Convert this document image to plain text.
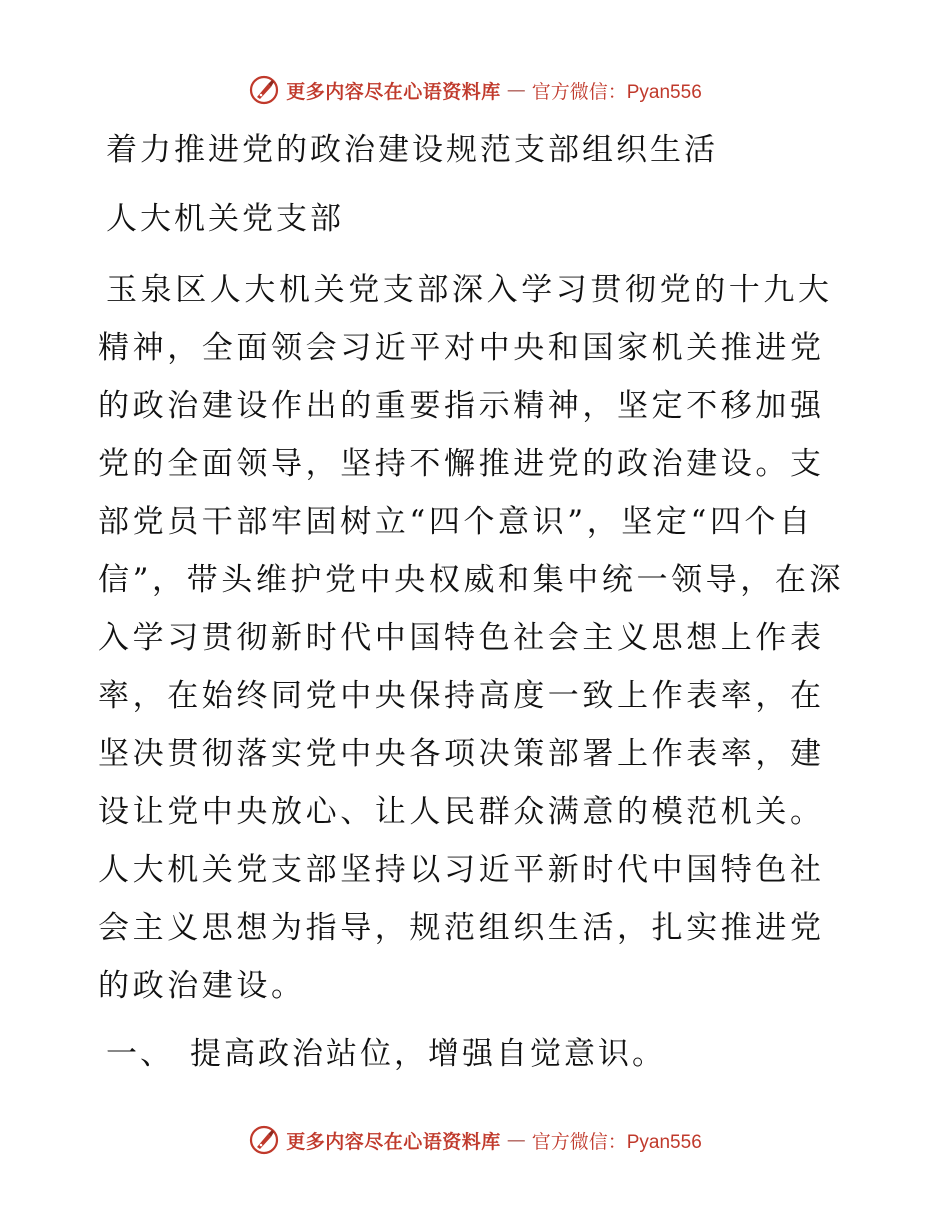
更多内容尽在心语资料库 — 官方微信：Pyan556
着力推进党的政治建设规范支部组织生活

人大机关党支部

玉泉区人大机关党支部深入学习贯彻党的十九大精神，全面领会习近平对中央和国家机关推进党的政治建设作出的重要指示精神，坚定不移加强党的全面领导，坚持不懈推进党的政治建设。支部党员干部牢固树立“四个意识”，坚定“四个自信”，带头维护党中央权威和集中统一领导，在深入学习贯彻新时代中国特色社会主义思想上作表率，在始终同党中央保持高度一致上作表率，在坚决贯彻落实党中央各项决策部署上作表率，建设让党中央放心、让人民群众满意的模范机关。人大机关党支部坚持以习近平新时代中国特色社会主义思想为指导，规范组织生活，扎实推进党的政治建设。

一、 提高政治站位，增强自觉意识。

更多内容尽在心语资料库 — 官方微信：Pyan556
